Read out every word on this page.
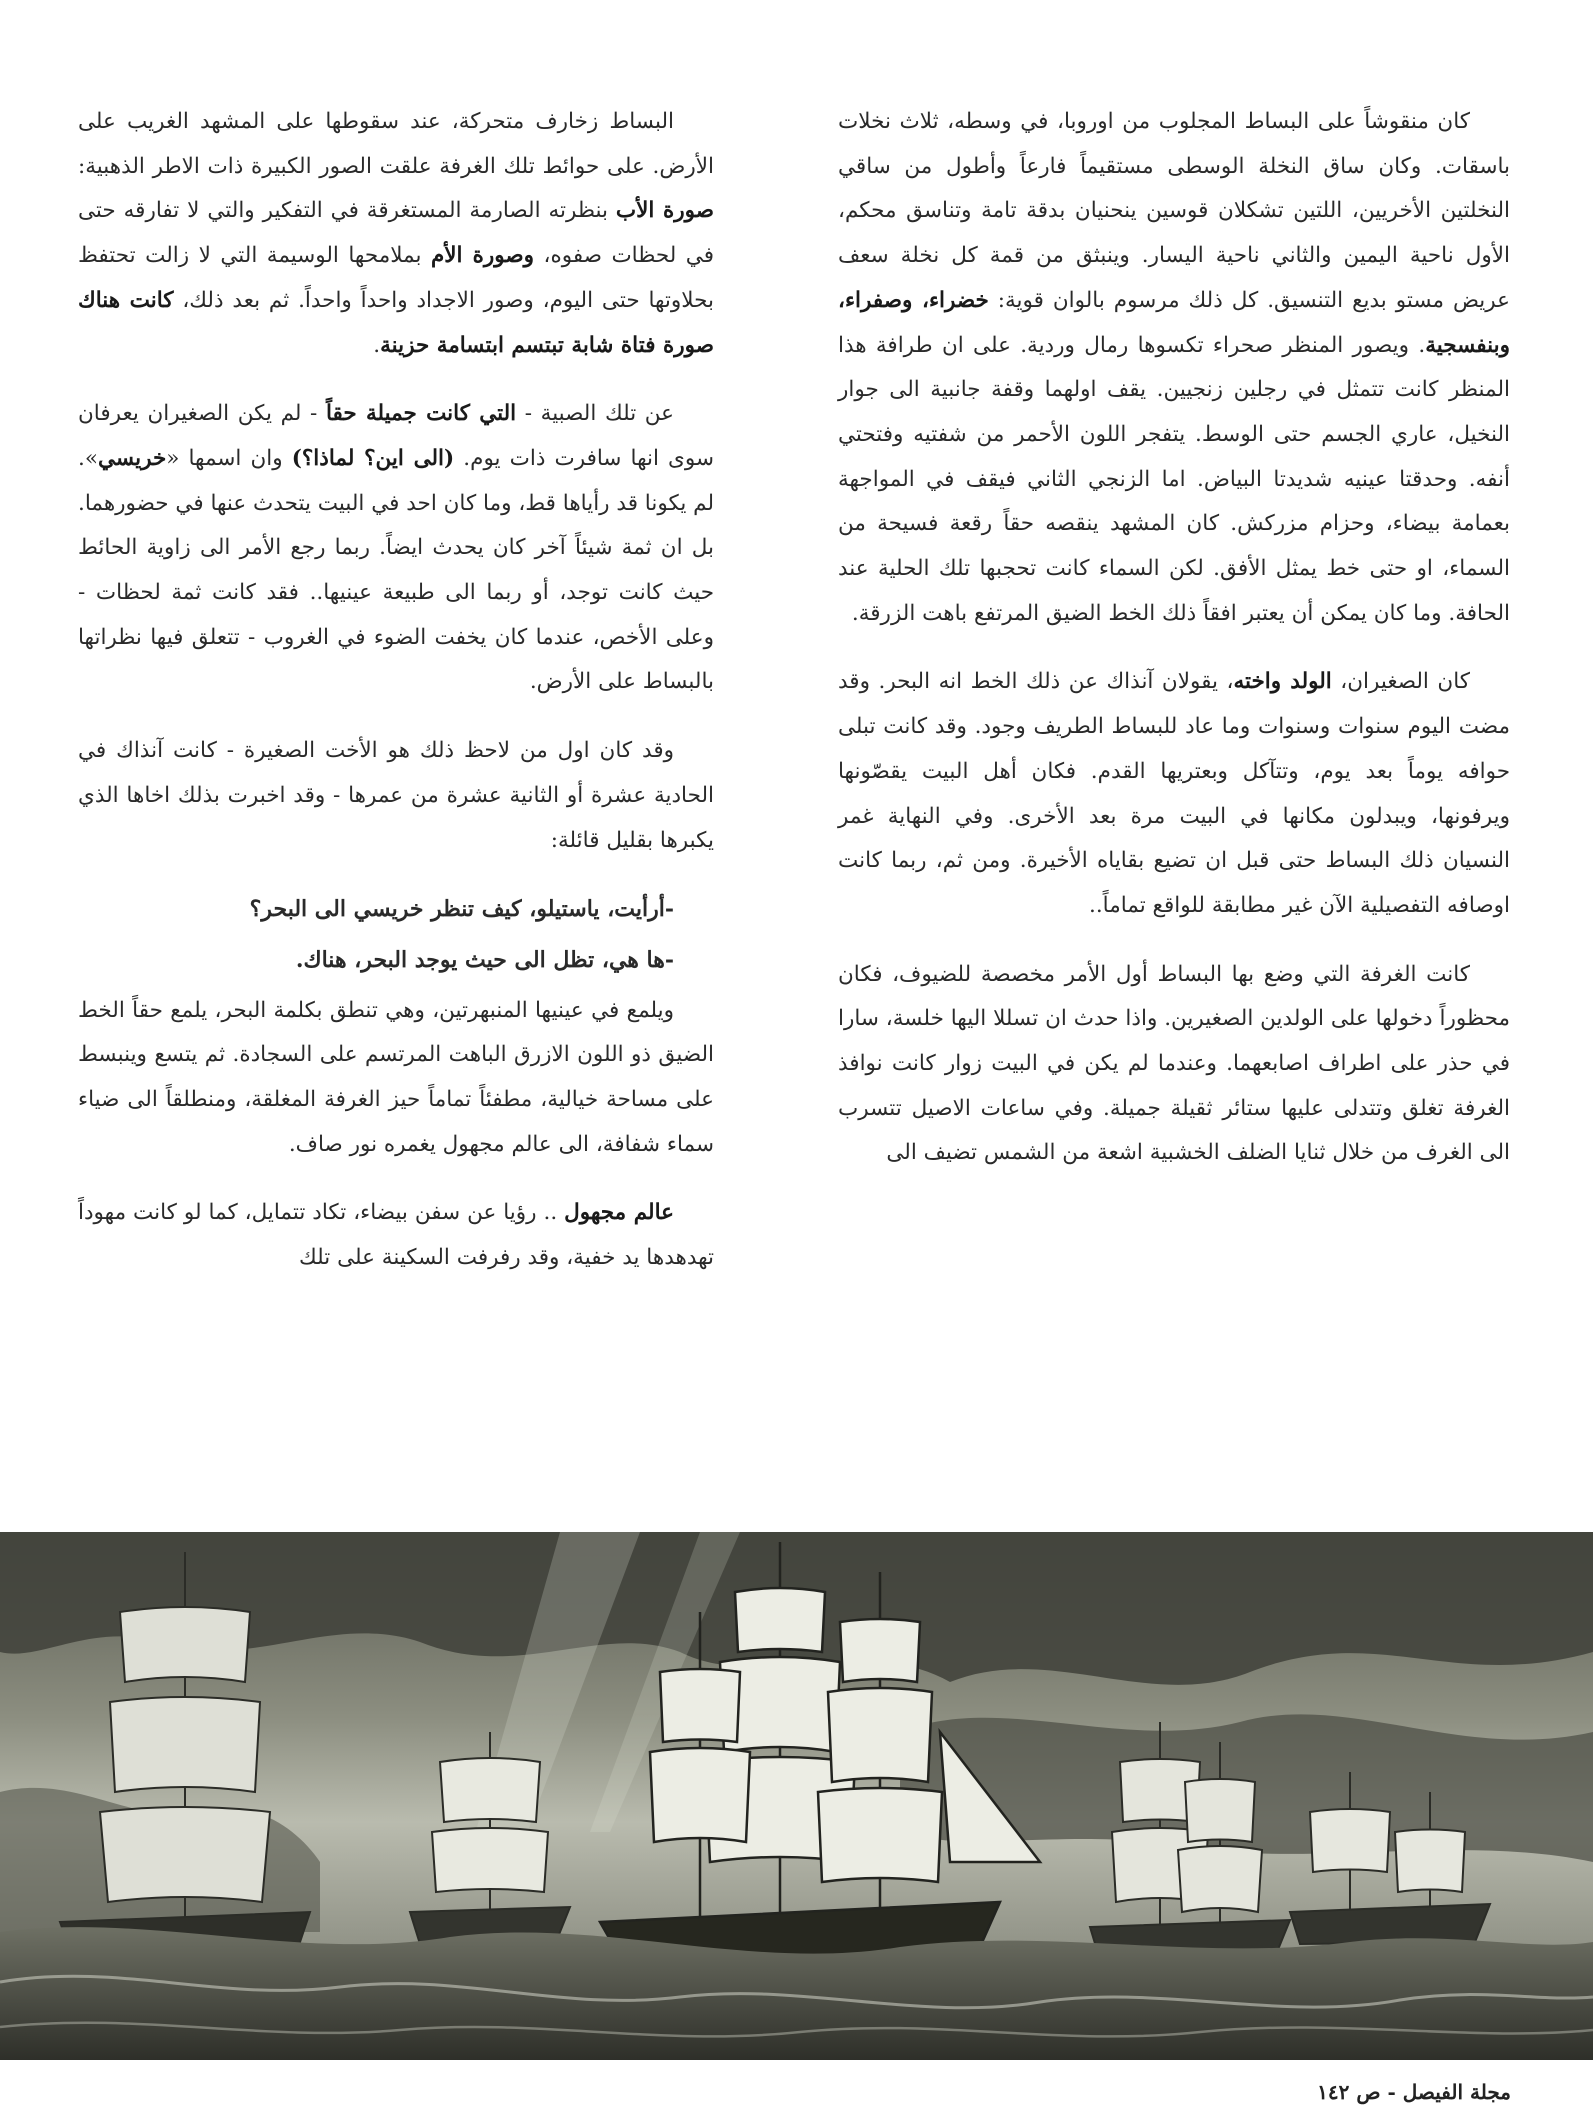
كان منقوشاً على البساط المجلوب من اوروبا، في وسطه، ثلاث نخلات باسقات. وكان ساق النخلة الوسطى مستقيماً فارعاً وأطول من ساقي النخلتين الأخريين، اللتين تشكلان قوسين ينحنيان بدقة تامة وتناسق محكم، الأول ناحية اليمين والثاني ناحية اليسار. وينبثق من قمة كل نخلة سعف عريض مستو بديع التنسيق. كل ذلك مرسوم بالوان قوية: خضراء، وصفراء، وبنفسجية. ويصور المنظر صحراء تكسوها رمال وردية. على ان طرافة هذا المنظر كانت تتمثل في رجلين زنجيين. يقف اولهما وقفة جانبية الى جوار النخيل، عاري الجسم حتى الوسط. يتفجر اللون الأحمر من شفتيه وفتحتي أنفه. وحدقتا عينيه شديدتا البياض. اما الزنجي الثاني فيقف في المواجهة بعمامة بيضاء، وحزام مزركش. كان المشهد ينقصه حقاً رقعة فسيحة من السماء، او حتى خط يمثل الأفق. لكن السماء كانت تحجبها تلك الحلية عند الحافة. وما كان يمكن أن يعتبر افقاً ذلك الخط الضيق المرتفع باهت الزرقة.

كان الصغيران، الولد واخته، يقولان آنذاك عن ذلك الخط انه البحر. وقد مضت اليوم سنوات وسنوات وما عاد للبساط الطريف وجود. وقد كانت تبلى حوافه يوماً بعد يوم، وتتآكل وبعتريها القدم. فكان أهل البيت يقصّونها ويرفونها، ويبدلون مكانها في البيت مرة بعد الأخرى. وفي النهاية غمر النسيان ذلك البساط حتى قبل ان تضيع بقاياه الأخيرة. ومن ثم، ربما كانت اوصافه التفصيلية الآن غير مطابقة للواقع تماماً..

كانت الغرفة التي وضع بها البساط أول الأمر مخصصة للضيوف، فكان محظوراً دخولها على الولدين الصغيرين. واذا حدث ان تسللا اليها خلسة، سارا في حذر على اطراف اصابعهما. وعندما لم يكن في البيت زوار كانت نوافذ الغرفة تغلق وتتدلى عليها ستائر ثقيلة جميلة. وفي ساعات الاصيل تتسرب الى الغرف من خلال ثنايا الضلف الخشبية اشعة من الشمس تضيف الى

البساط زخارف متحركة، عند سقوطها على المشهد الغريب على الأرض. على حوائط تلك الغرفة علقت الصور الكبيرة ذات الاطر الذهبية: صورة الأب بنظرته الصارمة المستغرقة في التفكير والتي لا تفارقه حتى في لحظات صفوه، وصورة الأم بملامحها الوسيمة التي لا زالت تحتفظ بحلاوتها حتى اليوم، وصور الاجداد واحداً واحداً. ثم بعد ذلك، كانت هناك صورة فتاة شابة تبتسم ابتسامة حزينة.

عن تلك الصبية - التي كانت جميلة حقاً - لم يكن الصغيران يعرفان سوى انها سافرت ذات يوم. (الى اين؟ لماذا؟) وان اسمها «خريسي». لم يكونا قد رأياها قط، وما كان احد في البيت يتحدث عنها في حضورهما. بل ان ثمة شيئاً آخر كان يحدث ايضاً. ربما رجع الأمر الى زاوية الحائط حيث كانت توجد، أو ربما الى طبيعة عينيها.. فقد كانت ثمة لحظات - وعلى الأخص، عندما كان يخفت الضوء في الغروب - تتعلق فيها نظراتها بالبساط على الأرض.

وقد كان اول من لاحظ ذلك هو الأخت الصغيرة - كانت آنذاك في الحادية عشرة أو الثانية عشرة من عمرها - وقد اخبرت بذلك اخاها الذي يكبرها بقليل قائلة:

-أرأيت، ياستيلو، كيف تنظر خريسي الى البحر؟

-ها هي، تظل الى حيث يوجد البحر، هناك.

ويلمع في عينيها المنبهرتين، وهي تنطق بكلمة البحر، يلمع حقاً الخط الضيق ذو اللون الازرق الباهت المرتسم على السجادة. ثم يتسع وينبسط على مساحة خيالية، مطفئاً تماماً حيز الغرفة المغلقة، ومنطلقاً الى ضياء سماء شفافة، الى عالم مجهول يغمره نور صاف.

عالم مجهول .. رؤيا عن سفن بيضاء، تكاد تتمايل، كما لو كانت مهوداً تهدهدها يد خفية، وقد رفرفت السكينة على تلك

مجلة الفيصل - ص ١٤٢
